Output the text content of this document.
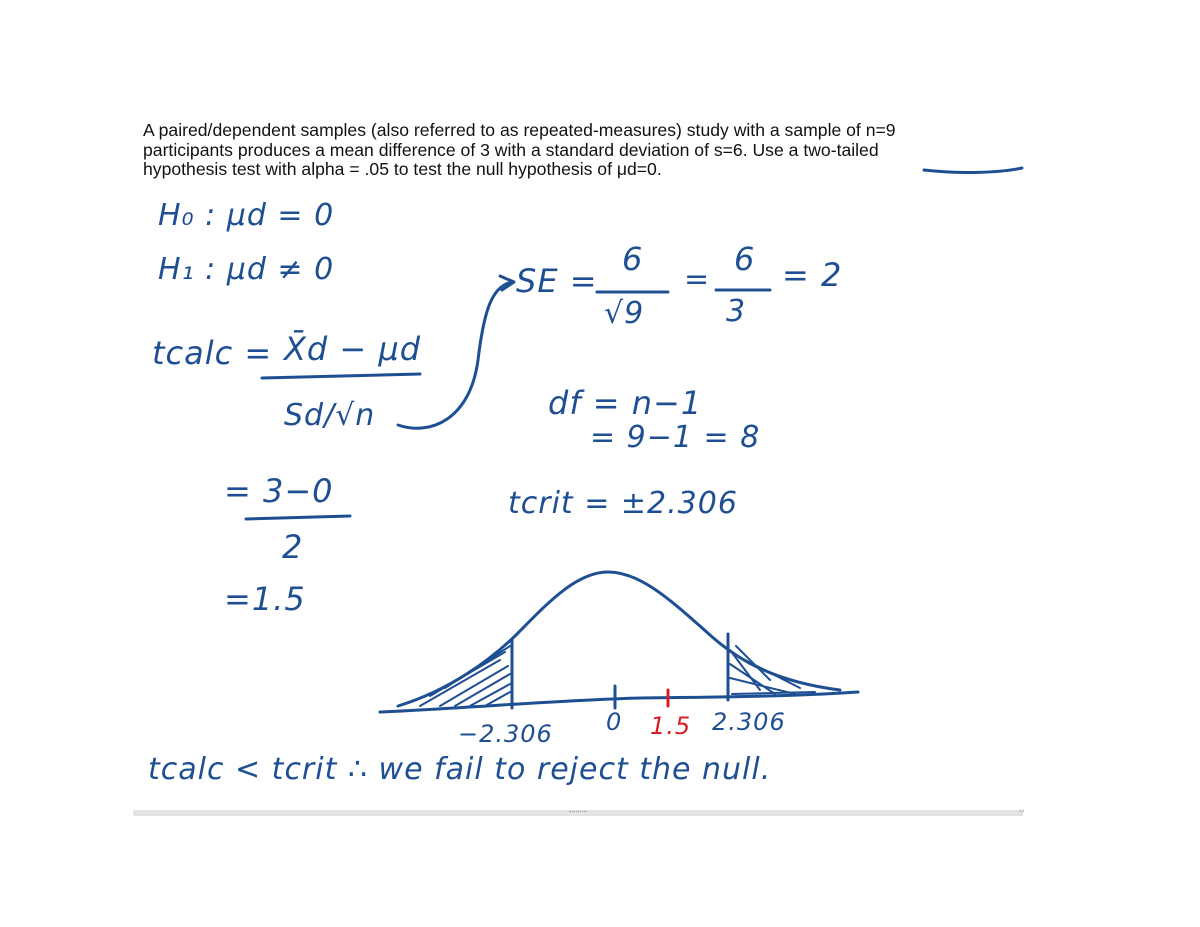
A paired/dependent samples (also referred to as repeated-measures) study with a sample of n=9
participants produces a mean difference of 3 with a standard deviation of s=6. Use a two-tailed
hypothesis test with alpha = .05 to test the null hypothesis of μd=0.
H₀ : μd = 0
H₁ : μd ≠ 0
tcalc = X̄d − μd
Sd/√n
= 3−0
2
=1.5
SE =
6
√9
=
6
3
= 2
df = n−1
= 9−1 = 8
tcrit = ±2.306
−2.306 0 1.5 2.306
tcalc < tcrit ∴ we fail to reject the null.
‹›
